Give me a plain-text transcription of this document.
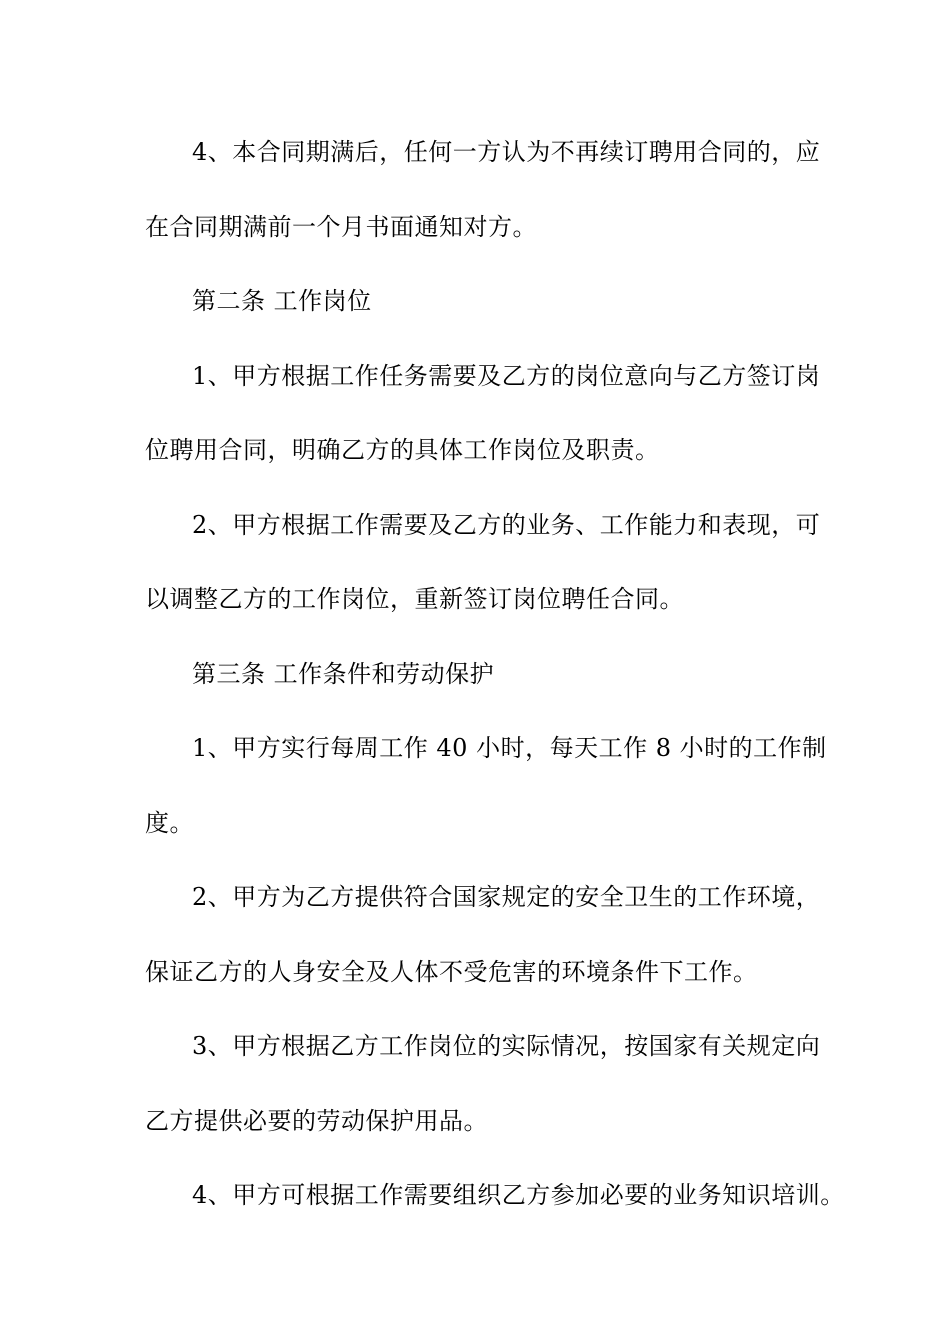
4、本合同期满后，任何一方认为不再续订聘用合同的，应
在合同期满前一个月书面通知对方。
第二条 工作岗位
1、甲方根据工作任务需要及乙方的岗位意向与乙方签订岗
位聘用合同，明确乙方的具体工作岗位及职责。
2、甲方根据工作需要及乙方的业务、工作能力和表现，可
以调整乙方的工作岗位，重新签订岗位聘任合同。
第三条 工作条件和劳动保护
1、甲方实行每周工作 40 小时，每天工作 8 小时的工作制
度。
2、甲方为乙方提供符合国家规定的安全卫生的工作环境，
保证乙方的人身安全及人体不受危害的环境条件下工作。
3、甲方根据乙方工作岗位的实际情况，按国家有关规定向
乙方提供必要的劳动保护用品。
4、甲方可根据工作需要组织乙方参加必要的业务知识培训。
